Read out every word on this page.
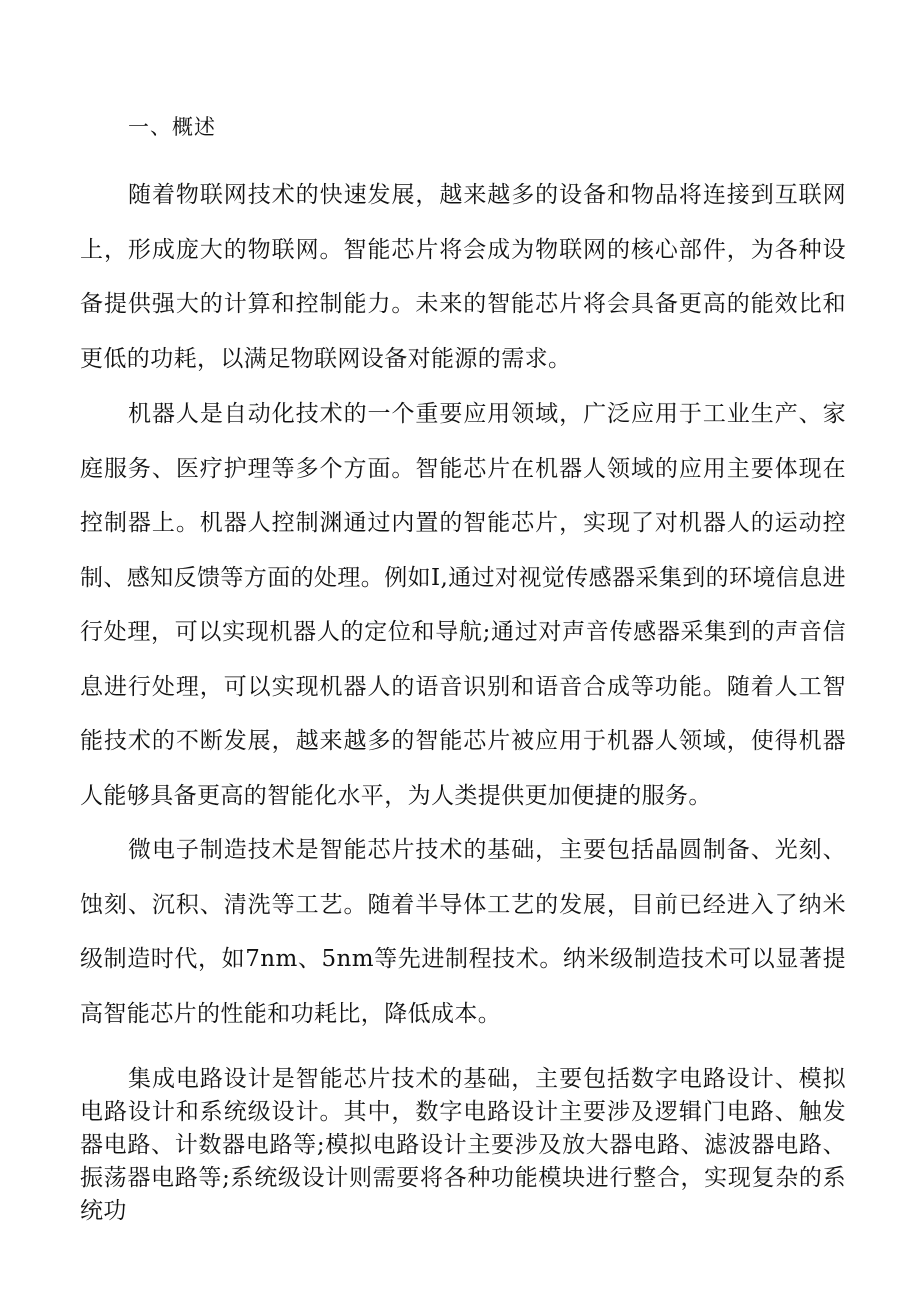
一、概述

随着物联网技术的快速发展，越来越多的设备和物品将连接到互联网上，形成庞大的物联网。智能芯片将会成为物联网的核心部件，为各种设备提供强大的计算和控制能力。未来的智能芯片将会具备更高的能效比和更低的功耗，以满足物联网设备对能源的需求。

机器人是自动化技术的一个重要应用领域，广泛应用于工业生产、家庭服务、医疗护理等多个方面。智能芯片在机器人领域的应用主要体现在控制器上。机器人控制渊通过内置的智能芯片，实现了对机器人的运动控制、感知反馈等方面的处理。例如I,通过对视觉传感器采集到的环境信息进行处理，可以实现机器人的定位和导航;通过对声音传感器采集到的声音信息进行处理，可以实现机器人的语音识别和语音合成等功能。随着人工智能技术的不断发展，越来越多的智能芯片被应用于机器人领域，使得机器人能够具备更高的智能化水平，为人类提供更加便捷的服务。

微电子制造技术是智能芯片技术的基础，主要包括晶圆制备、光刻、蚀刻、沉积、清洗等工艺。随着半导体工艺的发展，目前已经进入了纳米级制造时代，如7nm、5nm等先进制程技术。纳米级制造技术可以显著提高智能芯片的性能和功耗比，降低成本。

集成电路设计是智能芯片技术的基础，主要包括数字电路设计、模拟电路设计和系统级设计。其中，数字电路设计主要涉及逻辑门电路、触发器电路、计数器电路等;模拟电路设计主要涉及放大器电路、滤波器电路、振荡器电路等;系统级设计则需要将各种功能模块进行整合，实现复杂的系统功
